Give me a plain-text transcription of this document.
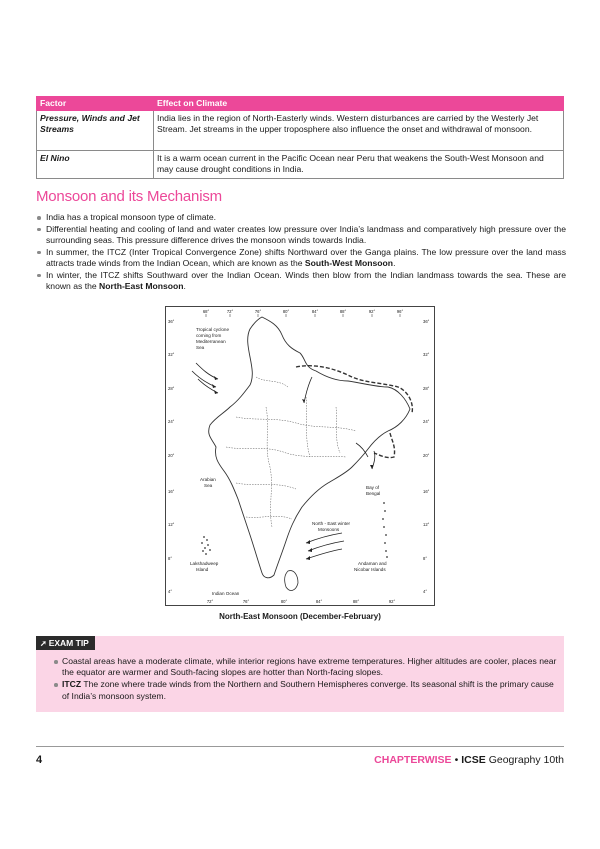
Factor	Effect on Climate
Pressure, Winds and Jet Streams	India lies in the region of North-Easterly winds. Western disturbances are carried by the Westerly Jet Stream. Jet streams in the upper troposphere also influence the onset and withdrawal of monsoon.
El Nino	It is a warm ocean current in the Pacific Ocean near Peru that weakens the South-West Monsoon and may cause drought conditions in India.
Monsoon and its Mechanism
India has a tropical monsoon type of climate.
Differential heating and cooling of land and water creates low pressure over India’s landmass and comparatively high pressure over the surrounding seas. This pressure difference drives the monsoon winds towards India.
In summer, the ITCZ (Inter Tropical Convergence Zone) shifts Northward over the Ganga plains. The low pressure over the land mass attracts trade winds from the Indian Ocean, which are known as the South-West Monsoon.
In winter, the ITCZ shifts Southward over the Indian Ocean. Winds then blow from the Indian landmass towards the sea. These are known as the North-East Monsoon.
68°	72°	76°	80°	84°	88°	92°	96°
36°
32°
28°
24°
20°
16°
12°
8°
4°
36°
32°
28°
24°
20°
16°
12°
8°
4°
72°	76°	80°	84°	88°	92°
Tropical cyclone
coming from
Mediterranean
Sea
Arabian
Sea	Bay of
Bengal
North - East winter
Monsoons
Lakshadweep
Island
Andaman and
Nicobar Islands
Indian Ocean
North-East Monsoon (December-February)
➚ EXAM TIP
Coastal areas have a moderate climate, while interior regions have extreme temperatures. Higher altitudes are cooler, places near the equator are warmer and South-facing slopes are hotter than North-facing slopes.
ITCZ The zone where trade winds from the Northern and Southern Hemispheres converge. Its seasonal shift is the primary cause of India’s monsoon system.
4	CHAPTERWISE • ICSE Geography 10th
